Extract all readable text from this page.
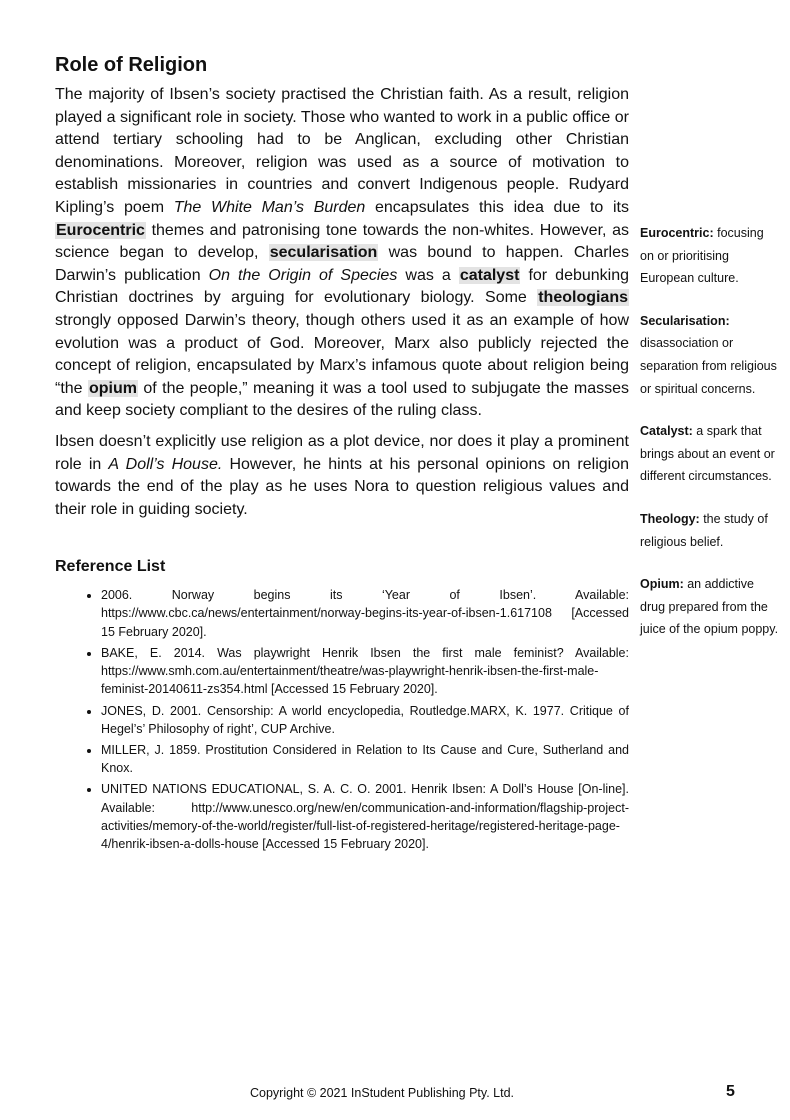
Role of Religion

The majority of Ibsen’s society practised the Christian faith. As a result, religion played a significant role in society. Those who wanted to work in a public office or attend tertiary schooling had to be Anglican, excluding other Christian denominations. Moreover, religion was used as a source of motivation to establish missionaries in countries and convert Indigenous people. Rudyard Kipling’s poem The White Man’s Burden encapsulates this idea due to its Eurocentric themes and patronising tone towards the non-whites. However, as science began to develop, secularisation was bound to happen. Charles Darwin’s publication On the Origin of Species was a catalyst for debunking Christian doctrines by arguing for evolutionary biology. Some theologians strongly opposed Darwin’s theory, though others used it as an example of how evolution was a product of God. Moreover, Marx also publicly rejected the concept of religion, encapsulated by Marx’s infamous quote about religion being “the opium of the people,” meaning it was a tool used to subjugate the masses and keep society compliant to the desires of the ruling class.

Ibsen doesn’t explicitly use religion as a plot device, nor does it play a prominent role in A Doll’s House. However, he hints at his personal opinions on religion towards the end of the play as he uses Nora to question religious values and their role in guiding society.

Reference List
• 2006. Norway begins its ‘Year of Ibsen’. Available: https://www.cbc.ca/news/entertainment/norway-begins-its-year-of-ibsen-1.617108 [Accessed 15 February 2020].
• BAKE, E. 2014. Was playwright Henrik Ibsen the first male feminist? Available: https://www.smh.com.au/entertainment/theatre/was-playwright-henrik-ibsen-the-first-male-feminist-20140611-zs354.html [Accessed 15 February 2020].
• JONES, D. 2001. Censorship: A world encyclopedia, Routledge.MARX, K. 1977. Critique of Hegel’s’ Philosophy of right’, CUP Archive.
• MILLER, J. 1859. Prostitution Considered in Relation to Its Cause and Cure, Sutherland and Knox.
• UNITED NATIONS EDUCATIONAL, S. A. C. O. 2001. Henrik Ibsen: A Doll’s House [On-line]. Available: http://www.unesco.org/new/en/communication-and-information/flagship-project-activities/memory-of-the-world/register/full-list-of-registered-heritage/registered-heritage-page-4/henrik-ibsen-a-dolls-house [Accessed 15 February 2020].
Eurocentric: focusing on or prioritising European culture.
Secularisation: disassociation or separation from religious or spiritual concerns.
Catalyst: a spark that brings about an event or different circumstances.
Theology: the study of religious belief.
Opium: an addictive drug prepared from the juice of the opium poppy.
Copyright © 2021 InStudent Publishing Pty. Ltd.	5
